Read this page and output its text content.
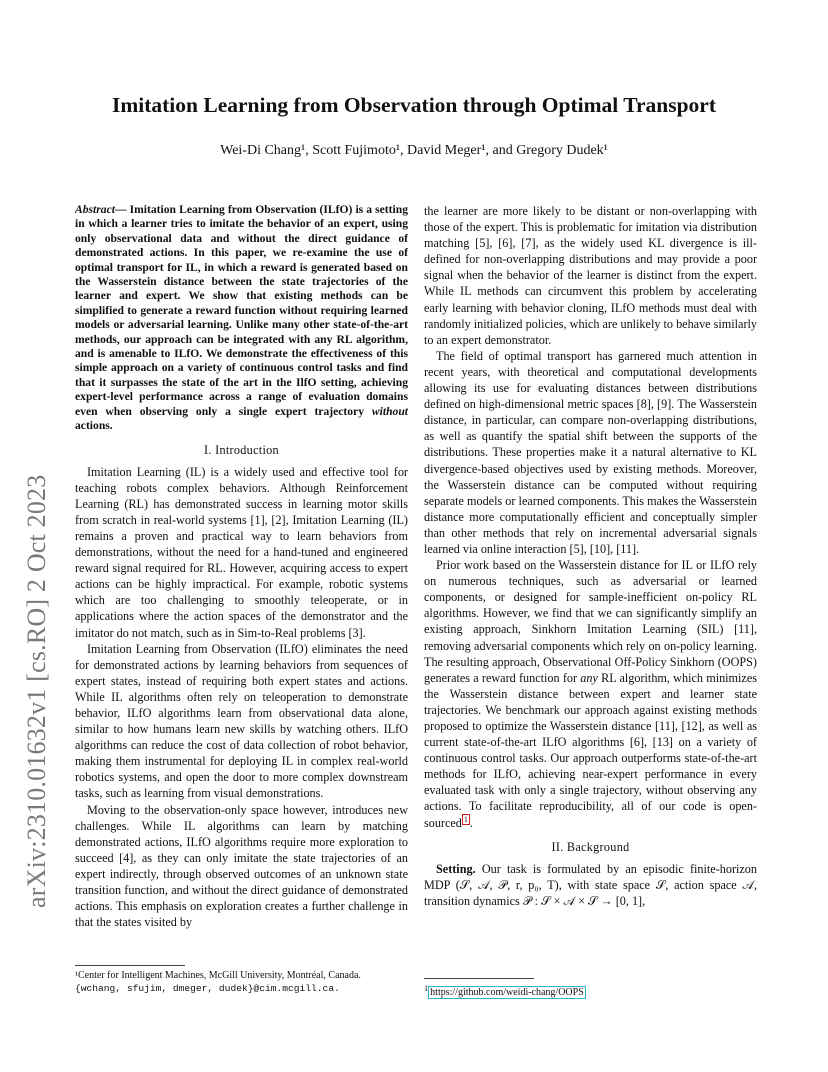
Imitation Learning from Observation through Optimal Transport
Wei-Di Chang¹, Scott Fujimoto¹, David Meger¹, and Gregory Dudek¹
arXiv:2310.01632v1 [cs.RO] 2 Oct 2023

Abstract— Imitation Learning from Observation (ILfO) is a setting in which a learner tries to imitate the behavior of an expert, using only observational data and without the direct guidance of demonstrated actions. In this paper, we re-examine the use of optimal transport for IL, in which a reward is generated based on the Wasserstein distance between the state trajectories of the learner and expert. We show that existing methods can be simplified to generate a reward function without requiring learned models or adversarial learning. Unlike many other state-of-the-art methods, our approach can be integrated with any RL algorithm, and is amenable to ILfO. We demonstrate the effectiveness of this simple approach on a variety of continuous control tasks and find that it surpasses the state of the art in the IlfO setting, achieving expert-level performance across a range of evaluation domains even when observing only a single expert trajectory without actions.

I. Introduction

Imitation Learning (IL) is a widely used and effective tool for teaching robots complex behaviors. Although Reinforcement Learning (RL) has demonstrated success in learning motor skills from scratch in real-world systems [1], [2], Imitation Learning (IL) remains a proven and practical way to learn behaviors from demonstrations, without the need for a hand-tuned and engineered reward signal required for RL. However, acquiring access to expert actions can be highly impractical. For example, robotic systems which are too challenging to smoothly teleoperate, or in applications where the action spaces of the demonstrator and the imitator do not match, such as in Sim-to-Real problems [3].

Imitation Learning from Observation (ILfO) eliminates the need for demonstrated actions by learning behaviors from sequences of expert states, instead of requiring both expert states and actions. While IL algorithms often rely on teleoperation to demonstrate behavior, ILfO algorithms learn from observational data alone, similar to how humans learn new skills by watching others. ILfO algorithms can reduce the cost of data collection of robot behavior, making them instrumental for deploying IL in complex real-world robotics systems, and open the door to more complex downstream tasks, such as learning from visual demonstrations.

Moving to the observation-only space however, introduces new challenges. While IL algorithms can learn by matching demonstrated actions, ILfO algorithms require more exploration to succeed [4], as they can only imitate the state trajectories of an expert indirectly, through observed outcomes of an unknown state transition function, and without the direct guidance of demonstrated actions. This emphasis on exploration creates a further challenge in that the states visited by

the learner are more likely to be distant or non-overlapping with those of the expert. This is problematic for imitation via distribution matching [5], [6], [7], as the widely used KL divergence is ill-defined for non-overlapping distributions and may provide a poor signal when the behavior of the learner is distinct from the expert. While IL methods can circumvent this problem by accelerating early learning with behavior cloning, ILfO methods must deal with randomly initialized policies, which are unlikely to behave similarly to an expert demonstrator.

The field of optimal transport has garnered much attention in recent years, with theoretical and computational developments allowing its use for evaluating distances between distributions defined on high-dimensional metric spaces [8], [9]. The Wasserstein distance, in particular, can compare non-overlapping distributions, as well as quantify the spatial shift between the supports of the distributions. These properties make it a natural alternative to KL divergence-based objectives used by existing methods. Moreover, the Wasserstein distance can be computed without requiring separate models or learned components. This makes the Wasserstein distance more computationally efficient and conceptually simpler than other methods that rely on incremental adversarial signals learned via online interaction [5], [10], [11].

Prior work based on the Wasserstein distance for IL or ILfO rely on numerous techniques, such as adversarial or learned components, or designed for sample-inefficient on-policy RL algorithms. However, we find that we can significantly simplify an existing approach, Sinkhorn Imitation Learning (SIL) [11], removing adversarial components which rely on on-policy learning. The resulting approach, Observational Off-Policy Sinkhorn (OOPS) generates a reward function for any RL algorithm, which minimizes the Wasserstein distance between expert and learner state trajectories. We benchmark our approach against existing methods proposed to optimize the Wasserstein distance [11], [12], as well as current state-of-the-art ILfO algorithms [6], [13] on a variety of continuous control tasks. Our approach outperforms state-of-the-art methods for ILfO, achieving near-expert performance in every evaluated task with only a single trajectory, without observing any actions. To facilitate reproducibility, all of our code is open-sourced $^1$ .

II. Background

Setting. Our task is formulated by an episodic finite-horizon MDP (𝒮, 𝒜, 𝒫, r, p₀, T), with state space 𝒮, action space 𝒜, transition dynamics 𝒫 : 𝒮 × 𝒜 × 𝒮 → [0, 1],

¹Center for Intelligent Machines, McGill University, Montréal, Canada.
{wchang, sfujim, dmeger, dudek}@cim.mcgill.ca.	$^1$ https://github.com/weidi-chang/OOPS
